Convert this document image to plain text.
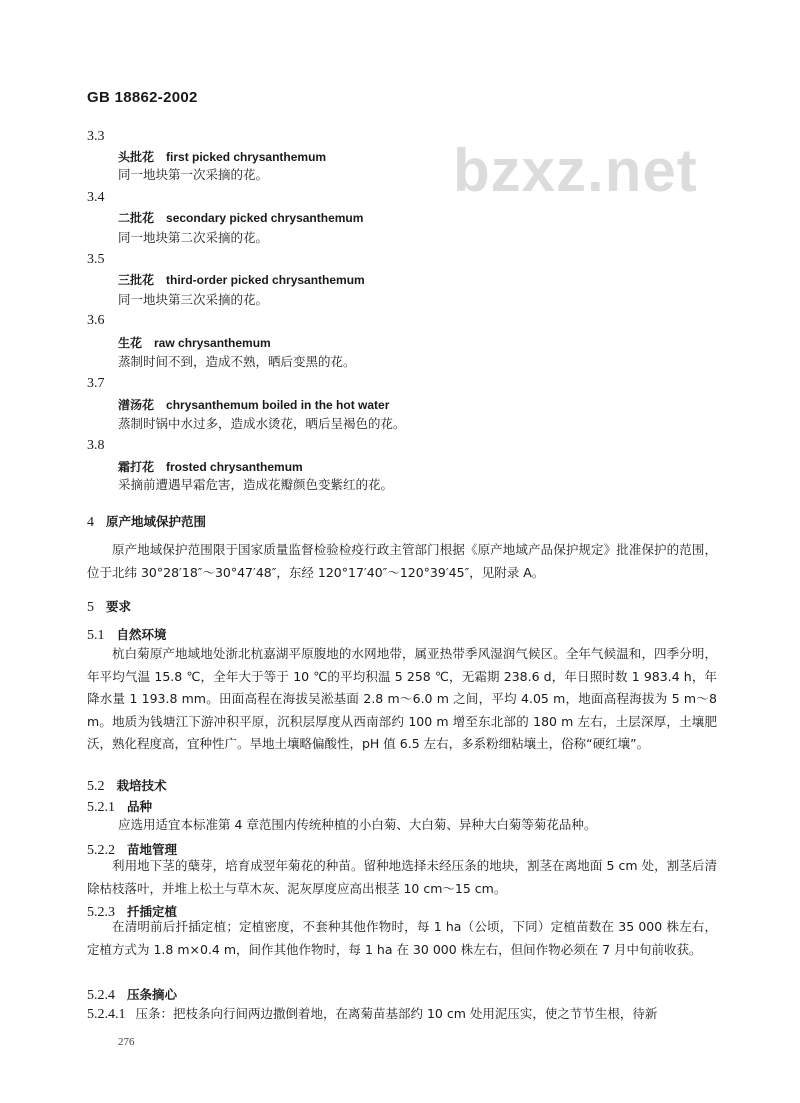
GB 18862-2002
bzxz.net
3.3
头批花 first picked chrysanthemum
同一地块第一次采摘的花。
3.4
二批花 secondary picked chrysanthemum
同一地块第二次采摘的花。
3.5
三批花 third-order picked chrysanthemum
同一地块第三次采摘的花。
3.6
生花 raw chrysanthemum
蒸制时间不到，造成不熟，晒后变黑的花。
3.7
潽汤花 chrysanthemum boiled in the hot water
蒸制时锅中水过多，造成水烫花，晒后呈褐色的花。
3.8
霜打花 frosted chrysanthemum
采摘前遭遇早霜危害，造成花瓣颜色变紫红的花。
4 原产地域保护范围
原产地域保护范围限于国家质量监督检验检疫行政主管部门根据《原产地域产品保护规定》批准保护的范围，位于北纬 30°28′18″～30°47′48″，东经 120°17′40″～120°39′45″，见附录 A。
5 要求
5.1 自然环境
杭白菊原产地域地处浙北杭嘉湖平原腹地的水网地带，属亚热带季风湿润气候区。全年气候温和，四季分明，年平均气温 15.8 ℃，全年大于等于 10 ℃的平均积温 5 258 ℃，无霜期 238.6 d，年日照时数 1 983.4 h，年降水量 1 193.8 mm。田面高程在海拔吴淞基面 2.8 m～6.0 m 之间，平均 4.05 m，地面高程海拔为 5 m～8 m。地质为钱塘江下游冲积平原，沉积层厚度从西南部约 100 m 增至东北部的 180 m 左右，土层深厚，土壤肥沃，熟化程度高，宜种性广。旱地土壤略偏酸性，pH 值 6.5 左右，多系粉细粘壤土，俗称“硬红壤”。
5.2 栽培技术
5.2.1 品种
应选用适宜本标准第 4 章范围内传统种植的小白菊、大白菊、异种大白菊等菊花品种。
5.2.2 苗地管理
利用地下茎的蘖芽，培育成翌年菊花的种苗。留种地选择未经压条的地块，割茎在离地面 5 cm 处，割茎后清除枯枝落叶，并堆上松土与草木灰、泥灰厚度应高出根茎 10 cm～15 cm。
5.2.3 扦插定植
在清明前后扦插定植；定植密度，不套种其他作物时，每 1 ha（公顷，下同）定植苗数在 35 000 株左右，定植方式为 1.8 m×0.4 m，间作其他作物时，每 1 ha 在 30 000 株左右，但间作物必须在 7 月中旬前收获。
5.2.4 压条摘心
5.2.4.1 压条：把枝条向行间两边撒倒着地，在离菊苗基部约 10 cm 处用泥压实，使之节节生根，待新
276
